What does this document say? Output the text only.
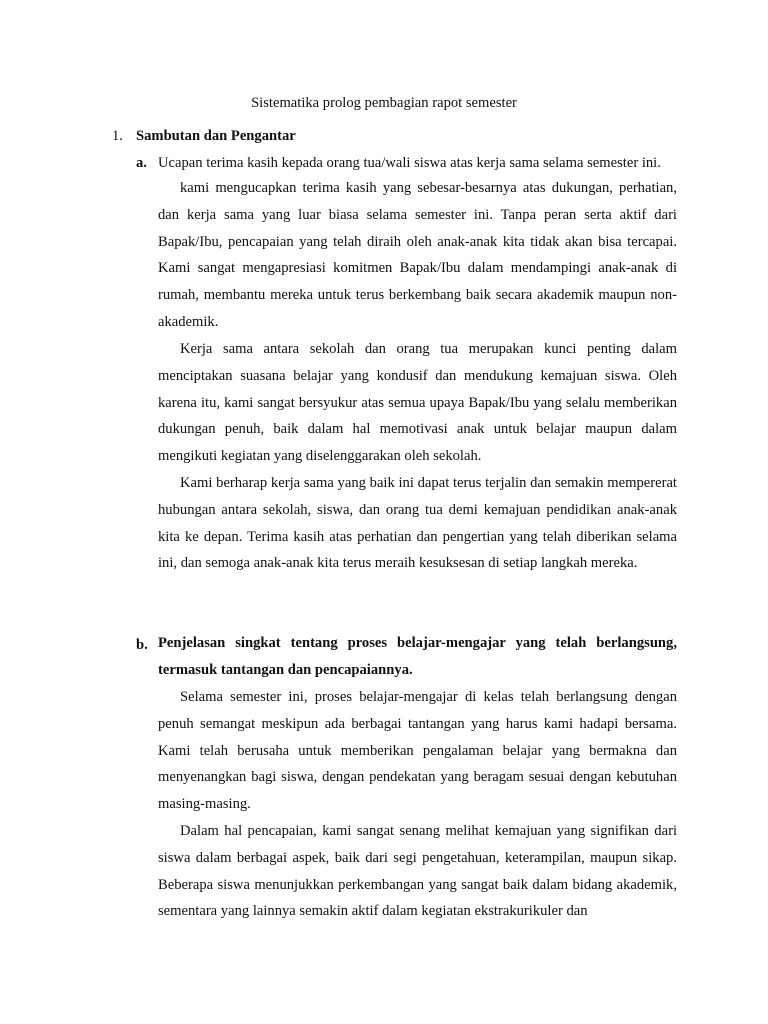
Sistematika prolog pembagian rapot semester
1. Sambutan dan Pengantar
a. Ucapan terima kasih kepada orang tua/wali siswa atas kerja sama selama semester ini.

kami mengucapkan terima kasih yang sebesar-besarnya atas dukungan, perhatian, dan kerja sama yang luar biasa selama semester ini. Tanpa peran serta aktif dari Bapak/Ibu, pencapaian yang telah diraih oleh anak-anak kita tidak akan bisa tercapai. Kami sangat mengapresiasi komitmen Bapak/Ibu dalam mendampingi anak-anak di rumah, membantu mereka untuk terus berkembang baik secara akademik maupun non-akademik.

Kerja sama antara sekolah dan orang tua merupakan kunci penting dalam menciptakan suasana belajar yang kondusif dan mendukung kemajuan siswa. Oleh karena itu, kami sangat bersyukur atas semua upaya Bapak/Ibu yang selalu memberikan dukungan penuh, baik dalam hal memotivasi anak untuk belajar maupun dalam mengikuti kegiatan yang diselenggarakan oleh sekolah.

Kami berharap kerja sama yang baik ini dapat terus terjalin dan semakin mempererat hubungan antara sekolah, siswa, dan orang tua demi kemajuan pendidikan anak-anak kita ke depan. Terima kasih atas perhatian dan pengertian yang telah diberikan selama ini, dan semoga anak-anak kita terus meraih kesuksesan di setiap langkah mereka.

b. Penjelasan singkat tentang proses belajar-mengajar yang telah berlangsung, termasuk tantangan dan pencapaiannya.

Selama semester ini, proses belajar-mengajar di kelas telah berlangsung dengan penuh semangat meskipun ada berbagai tantangan yang harus kami hadapi bersama. Kami telah berusaha untuk memberikan pengalaman belajar yang bermakna dan menyenangkan bagi siswa, dengan pendekatan yang beragam sesuai dengan kebutuhan masing-masing.

Dalam hal pencapaian, kami sangat senang melihat kemajuan yang signifikan dari siswa dalam berbagai aspek, baik dari segi pengetahuan, keterampilan, maupun sikap. Beberapa siswa menunjukkan perkembangan yang sangat baik dalam bidang akademik, sementara yang lainnya semakin aktif dalam kegiatan ekstrakurikuler dan
